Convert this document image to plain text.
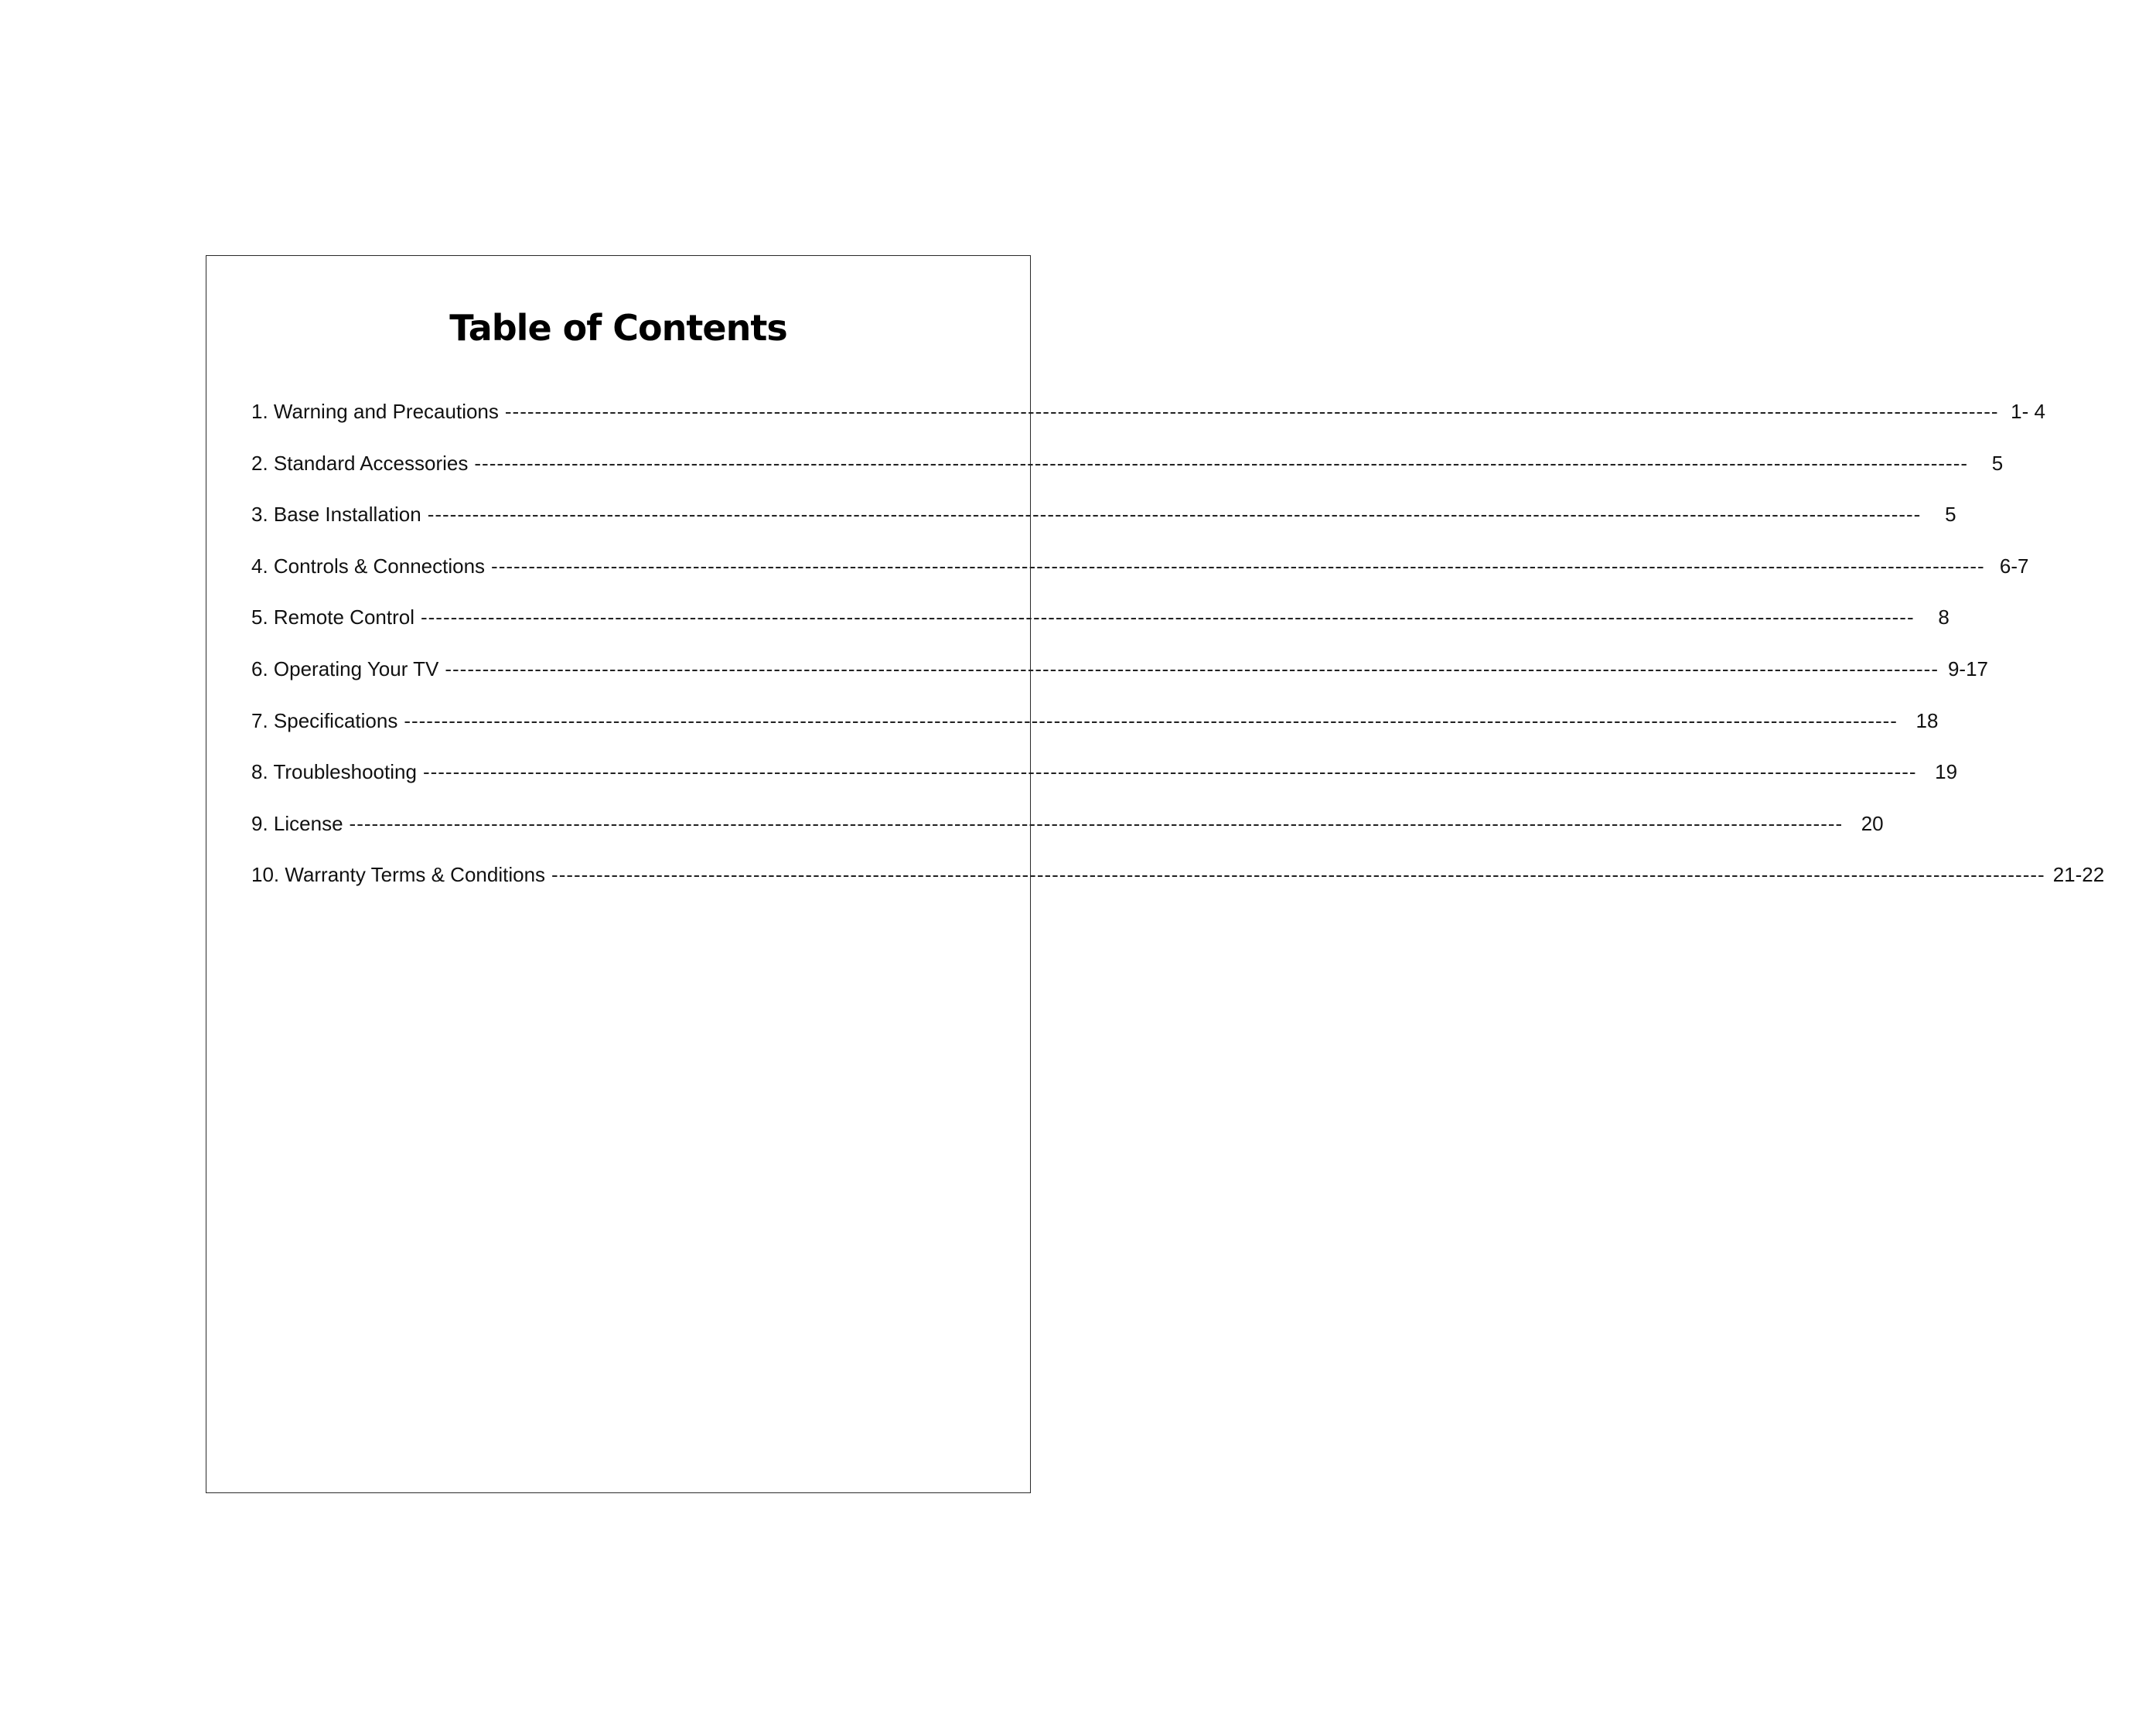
Table of Contents
1. Warning and Precautions -------------------------------------------------------------------------------------------------------------------------------------------------------------------------------------------------------- 1- 4
2. Standard Accessories --------------------------------------------------------------------------------------------------------------------------------------------------------------------------------------------------------	5
3. Base Installation --------------------------------------------------------------------------------------------------------------------------------------------------------------------------------------------------------	5
4. Controls & Connections -------------------------------------------------------------------------------------------------------------------------------------------------------------------------------------------------------- 6-7
5. Remote Control --------------------------------------------------------------------------------------------------------------------------------------------------------------------------------------------------------	8
6. Operating Your TV -------------------------------------------------------------------------------------------------------------------------------------------------------------------------------------------------------- 9-17
7. Specifications -------------------------------------------------------------------------------------------------------------------------------------------------------------------------------------------------------- 18
8. Troubleshooting -------------------------------------------------------------------------------------------------------------------------------------------------------------------------------------------------------- 19
9. License -------------------------------------------------------------------------------------------------------------------------------------------------------------------------------------------------------- 20
10. Warranty Terms & Conditions -------------------------------------------------------------------------------------------------------------------------------------------------------------------------------------------------------- 21-22
